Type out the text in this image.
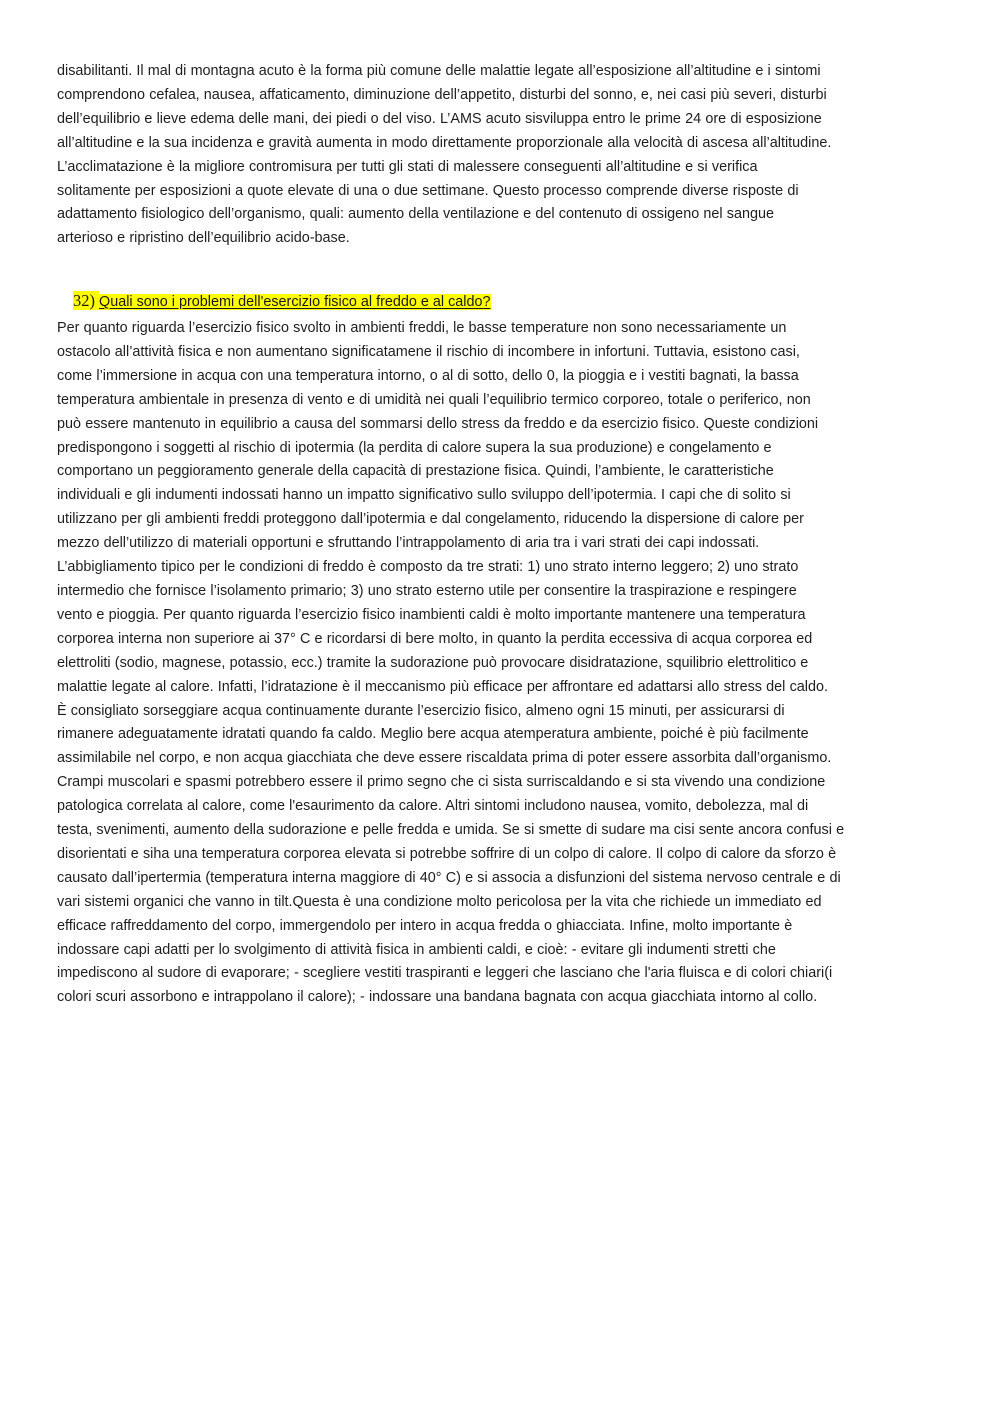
disabilitanti. Il mal di montagna acuto è la forma più comune delle malattie legate all’esposizione all’altitudine e i sintomi
comprendono cefalea, nausea, affaticamento, diminuzione dell’appetito, disturbi del sonno, e, nei casi più severi, disturbi
dell’equilibrio e lieve edema delle mani, dei piedi o del viso. L’AMS acuto sisviluppa entro le prime 24 ore di esposizione
all’altitudine e la sua incidenza e gravità aumenta in modo direttamente proporzionale alla velocità di ascesa all’altitudine.
L’acclimatazione è la migliore contromisura per tutti gli stati di malessere conseguenti all’altitudine e si verifica
solitamente per esposizioni a quote elevate di una o due settimane. Questo processo comprende diverse risposte di
adattamento fisiologico dell’organismo, quali: aumento della ventilazione e del contenuto di ossigeno nel sangue
arterioso e ripristino dell’equilibrio acido-base.
32) Quali sono i problemi dell'esercizio fisico al freddo e al caldo?
Per quanto riguarda l’esercizio fisico svolto in ambienti freddi, le basse temperature non sono necessariamente un
ostacolo all’attività fisica e non aumentano significatamene il rischio di incombere in infortuni. Tuttavia, esistono casi,
come l’immersione in acqua con una temperatura intorno, o al di sotto, dello 0, la pioggia e i vestiti bagnati, la bassa
temperatura ambientale in presenza di vento e di umidità nei quali l’equilibrio termico corporeo, totale o periferico, non
può essere mantenuto in equilibrio a causa del sommarsi dello stress da freddo e da esercizio fisico. Queste condizioni
predispongono i soggetti al rischio di ipotermia (la perdita di calore supera la sua produzione) e congelamento e
comportano un peggioramento generale della capacità di prestazione fisica. Quindi, l’ambiente, le caratteristiche
individuali e gli indumenti indossati hanno un impatto significativo sullo sviluppo dell’ipotermia. I capi che di solito si
utilizzano per gli ambienti freddi proteggono dall’ipotermia e dal congelamento, riducendo la dispersione di calore per
mezzo dell’utilizzo di materiali opportuni e sfruttando l’intrappolamento di aria tra i vari strati dei capi indossati.
L’abbigliamento tipico per le condizioni di freddo è composto da tre strati: 1) uno strato interno leggero; 2) uno strato
intermedio che fornisce l’isolamento primario; 3) uno strato esterno utile per consentire la traspirazione e respingere
vento e pioggia. Per quanto riguarda l’esercizio fisico inambienti caldi è molto importante mantenere una temperatura
corporea interna non superiore ai 37° C e ricordarsi di bere molto, in quanto la perdita eccessiva di acqua corporea ed
elettroliti (sodio, magnese, potassio, ecc.) tramite la sudorazione può provocare disidratazione, squilibrio elettrolitico e
malattie legate al calore. Infatti, l’idratazione è il meccanismo più efficace per affrontare ed adattarsi allo stress del caldo.
È consigliato sorseggiare acqua continuamente durante l’esercizio fisico, almeno ogni 15 minuti, per assicurarsi di
rimanere adeguatamente idratati quando fa caldo. Meglio bere acqua atemperatura ambiente, poiché è più facilmente
assimilabile nel corpo, e non acqua giacchiata che deve essere riscaldata prima di poter essere assorbita dall’organismo.
Crampi muscolari e spasmi potrebbero essere il primo segno che ci sista surriscaldando e si sta vivendo una condizione
patologica correlata al calore, come l'esaurimento da calore. Altri sintomi includono nausea, vomito, debolezza, mal di
testa, svenimenti, aumento della sudorazione e pelle fredda e umida. Se si smette di sudare ma cisi sente ancora confusi e
disorientati e siha una temperatura corporea elevata si potrebbe soffrire di un colpo di calore. Il colpo di calore da sforzo è
causato dall’ipertermia (temperatura interna maggiore di 40° C) e si associa a disfunzioni del sistema nervoso centrale e di
vari sistemi organici che vanno in tilt.Questa è una condizione molto pericolosa per la vita che richiede un immediato ed
efficace raffreddamento del corpo, immergendolo per intero in acqua fredda o ghiacciata. Infine, molto importante è
indossare capi adatti per lo svolgimento di attività fisica in ambienti caldi, e cioè: - evitare gli indumenti stretti che
impediscono al sudore di evaporare; - scegliere vestiti traspiranti e leggeri che lasciano che l'aria fluisca e di colori chiari(i
colori scuri assorbono e intrappolano il calore); - indossare una bandana bagnata con acqua giacchiata intorno al collo.
